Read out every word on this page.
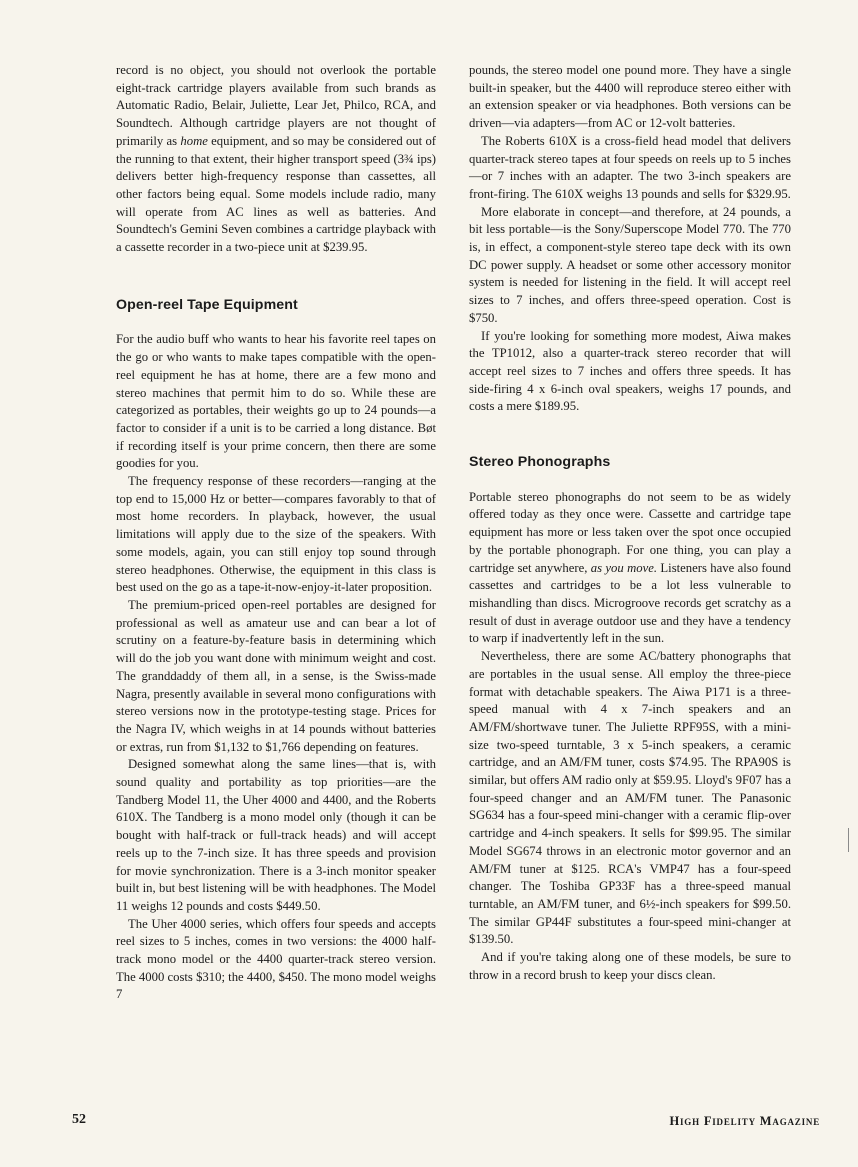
record is no object, you should not overlook the portable eight-track cartridge players available from such brands as Automatic Radio, Belair, Juliette, Lear Jet, Philco, RCA, and Soundtech. Although cartridge players are not thought of primarily as home equipment, and so may be considered out of the running to that extent, their higher transport speed (3¾ ips) delivers better high-frequency response than cassettes, all other factors being equal. Some models include radio, many will operate from AC lines as well as batteries. And Soundtech's Gemini Seven combines a cartridge playback with a cassette recorder in a two-piece unit at $239.95.

Open-reel Tape Equipment

For the audio buff who wants to hear his favorite reel tapes on the go or who wants to make tapes compatible with the open-reel equipment he has at home, there are a few mono and stereo machines that permit him to do so. While these are categorized as portables, their weights go up to 24 pounds—a factor to consider if a unit is to be carried a long distance. Bøt if recording itself is your prime concern, then there are some goodies for you.

The frequency response of these recorders—ranging at the top end to 15,000 Hz or better—compares favorably to that of most home recorders. In playback, however, the usual limitations will apply due to the size of the speakers. With some models, again, you can still enjoy top sound through stereo headphones. Otherwise, the equipment in this class is best used on the go as a tape-it-now-enjoy-it-later proposition.

The premium-priced open-reel portables are designed for professional as well as amateur use and can bear a lot of scrutiny on a feature-by-feature basis in determining which will do the job you want done with minimum weight and cost. The granddaddy of them all, in a sense, is the Swiss-made Nagra, presently available in several mono configurations with stereo versions now in the prototype-testing stage. Prices for the Nagra IV, which weighs in at 14 pounds without batteries or extras, run from $1,132 to $1,766 depending on features.

Designed somewhat along the same lines—that is, with sound quality and portability as top priorities—are the Tandberg Model 11, the Uher 4000 and 4400, and the Roberts 610X. The Tandberg is a mono model only (though it can be bought with half-track or full-track heads) and will accept reels up to the 7-inch size. It has three speeds and provision for movie synchronization. There is a 3-inch monitor speaker built in, but best listening will be with headphones. The Model 11 weighs 12 pounds and costs $449.50.

The Uher 4000 series, which offers four speeds and accepts reel sizes to 5 inches, comes in two versions: the 4000 half-track mono model or the 4400 quarter-track stereo version. The 4000 costs $310; the 4400, $450. The mono model weighs 7

pounds, the stereo model one pound more. They have a single built-in speaker, but the 4400 will reproduce stereo either with an extension speaker or via headphones. Both versions can be driven—via adapters—from AC or 12-volt batteries.

The Roberts 610X is a cross-field head model that delivers quarter-track stereo tapes at four speeds on reels up to 5 inches—or 7 inches with an adapter. The two 3-inch speakers are front-firing. The 610X weighs 13 pounds and sells for $329.95.

More elaborate in concept—and therefore, at 24 pounds, a bit less portable—is the Sony/Superscope Model 770. The 770 is, in effect, a component-style stereo tape deck with its own DC power supply. A headset or some other accessory monitor system is needed for listening in the field. It will accept reel sizes to 7 inches, and offers three-speed operation. Cost is $750.

If you're looking for something more modest, Aiwa makes the TP1012, also a quarter-track stereo recorder that will accept reel sizes to 7 inches and offers three speeds. It has side-firing 4 x 6-inch oval speakers, weighs 17 pounds, and costs a mere $189.95.

Stereo Phonographs

Portable stereo phonographs do not seem to be as widely offered today as they once were. Cassette and cartridge tape equipment has more or less taken over the spot once occupied by the portable phonograph. For one thing, you can play a cartridge set anywhere, as you move. Listeners have also found cassettes and cartridges to be a lot less vulnerable to mishandling than discs. Microgroove records get scratchy as a result of dust in average outdoor use and they have a tendency to warp if inadvertently left in the sun.

Nevertheless, there are some AC/battery phonographs that are portables in the usual sense. All employ the three-piece format with detachable speakers. The Aiwa P171 is a three-speed manual with 4 x 7-inch speakers and an AM/FM/shortwave tuner. The Juliette RPF95S, with a mini-size two-speed turntable, 3 x 5-inch speakers, a ceramic cartridge, and an AM/FM tuner, costs $74.95. The RPA90S is similar, but offers AM radio only at $59.95. Lloyd's 9F07 has a four-speed changer and an AM/FM tuner. The Panasonic SG634 has a four-speed mini-changer with a ceramic flip-over cartridge and 4-inch speakers. It sells for $99.95. The similar Model SG674 throws in an electronic motor governor and an AM/FM tuner at $125. RCA's VMP47 has a four-speed changer. The Toshiba GP33F has a three-speed manual turntable, an AM/FM tuner, and 6½-inch speakers for $99.50. The similar GP44F substitutes a four-speed mini-changer at $139.50.

And if you're taking along one of these models, be sure to throw in a record brush to keep your discs clean.

52	High Fidelity Magazine
